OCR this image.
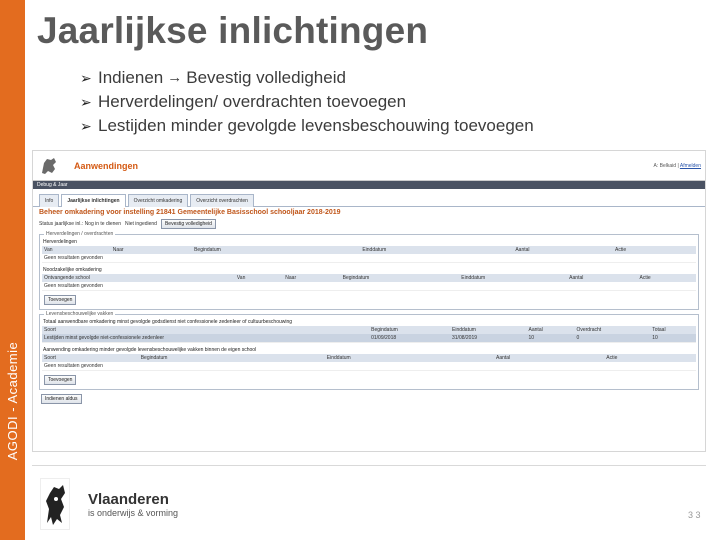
AGODI - Academie
Jaarlijkse inlichtingen
➢ Indienen → Bevestig volledigheid
➢ Herverdelingen/ overdrachten toevoegen
➢ Lestijden minder gevolgde levensbeschouwing toevoegen
Aanwendingen	A: Belkaid | Afmelden
Debug & Jaar
Info	Jaarlijkse inlichtingen	Overzicht omkadering	Overzicht overdrachten
Beheer omkadering voor instelling 21841 Gemeentelijke Basisschool schooljaar 2018-2019
Status jaarlijkse inl.: Nog in te dienen Niet ingediend	Bevestig volledigheid
Herverdelingen / overdrachten
Herverdelingen
Van	Naar	Begindatum	Einddatum	Aantal	Actie
Geen resultaten gevonden
Noodzakelijke omkadering
Ontvangende school	Van	Naar	Begindatum	Einddatum	Aantal	Actie
Geen resultaten gevonden
Toevoegen
Levensbeschouwelijke vakken
Totaal aanwendbare omkadering minst gevolgde godsdienst niet confessionele zedenleer of cultuurbeschouwing
Soort	Begindatum	Einddatum	Aantal	Overdracht	Totaal
Lestijden minst gevolgde niet-confessionele zedenleer	01/09/2018	31/08/2019	10	0	10
Aanwending omkadering minder gevolgde levensbeschouwelijke vakken binnen de eigen school
Soort	Begindatum	Einddatum	Aantal	Actie
Geen resultaten gevonden
Toevoegen
Indienen aldus
Vlaanderen
is onderwijs & vorming	3 3
